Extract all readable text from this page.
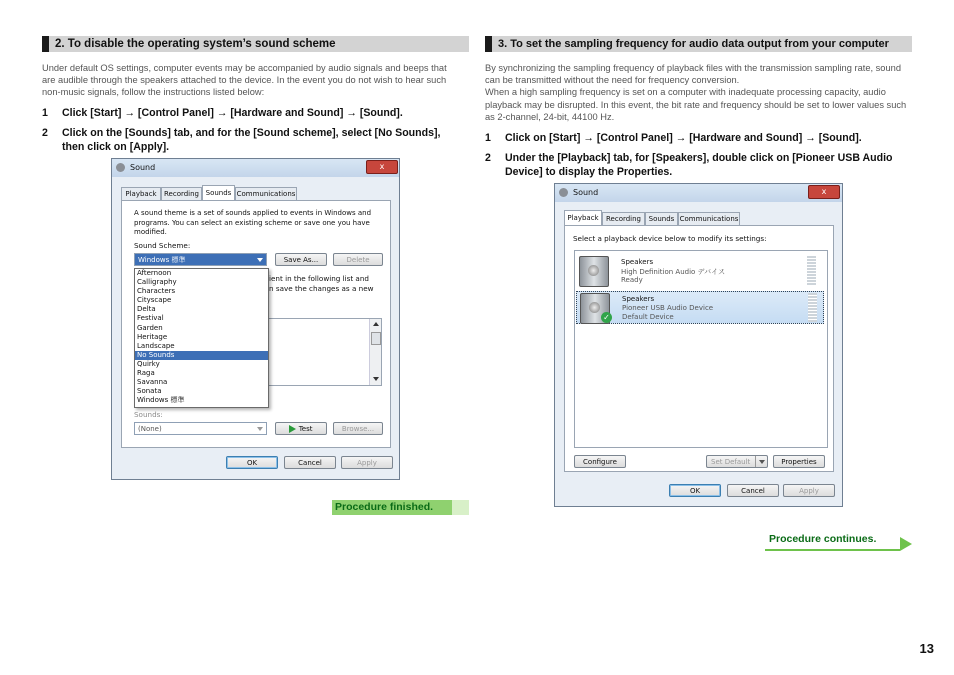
2. To disable the operating system’s sound scheme
Under default OS settings, computer events may be accompanied by audio signals and beeps that are audible through the speakers attached to the device. In the event you do not wish to hear such non-music signals, follow the instructions listed below:
1 Click [Start] → [Control Panel] → [Hardware and Sound] → [Sound].
2 Click on the [Sounds] tab, and for the [Sound scheme], select [No Sounds], then click on [Apply].
Sound	x
Playback	Recording Sounds Communications
A sound theme is a set of sounds applied to events in Windows and programs. You can select an existing scheme or save one you have modified.
Sound Scheme:
Windows 標準	Save As...	Delete
ient in the following list and
n save the changes as a new
Sounds:
(None)	Test	Browse...
OK	Cancel	Apply
Afternoon
Calligraphy
Characters
Cityscape
Delta
Festival
Garden
Heritage
Landscape
No Sounds
Quirky
Raga
Savanna
Sonata
Windows 標準
Procedure finished.
3. To set the sampling frequency for audio data output from your computer
By synchronizing the sampling frequency of playback files with the transmission sampling rate, sound can be transmitted without the need for frequency conversion.
When a high sampling frequency is set on a computer with inadequate processing capacity, audio playback may be disrupted. In this event, the bit rate and frequency should be set to lower values such as 2-channel, 24-bit, 44100 Hz.
1 Click on [Start] → [Control Panel] → [Hardware and Sound] → [Sound].
2 Under the [Playback] tab, for [Speakers], double click on [Pioneer USB Audio Device] to display the Properties.
Sound	x
Playback	Recording	Sounds Communications
Select a playback device below to modify its settings:
Speakers
High Definition Audio デバイス
Ready
✓
Speakers
Pioneer USB Audio Device
Default Device
Configure	Set Default	Properties
OK	Cancel	Apply
Procedure continues.
13
